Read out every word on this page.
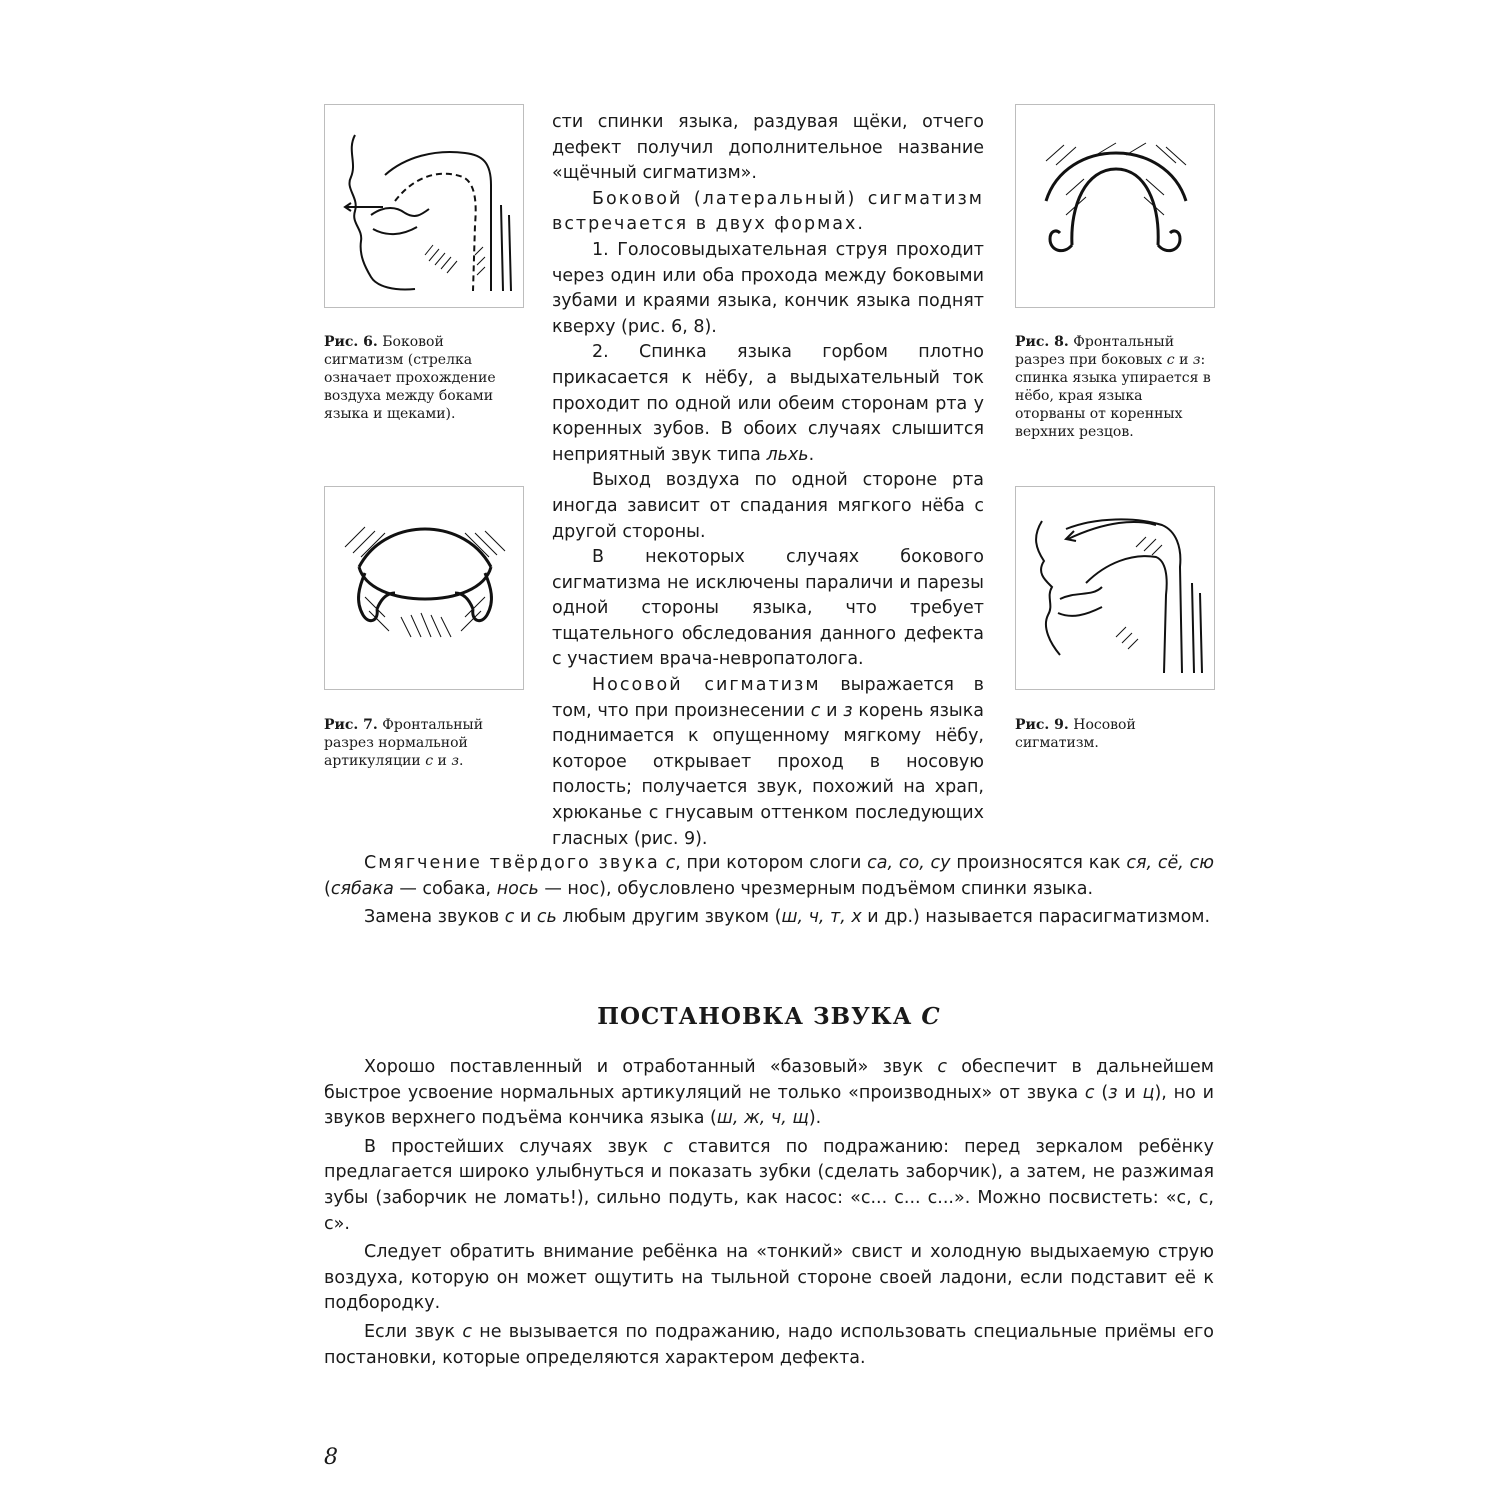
Рис. 6. Боковой сигматизм (стрелка означает прохождение воздуха между боками языка и щеками).
Рис. 7. Фронтальный разрез нормальной артикуляции с и з.
Рис. 8. Фронтальный разрез при боковых с и з: спинка языка упирается в нёбо, края языка оторваны от коренных верхних резцов.
Рис. 9. Носовой сигматизм.

сти спинки языка, раздувая щёки, отчего дефект получил дополнительное название «щёчный сигматизм».

Боковой (латеральный) сигматизм встречается в двух формах.

1. Голосовыдыхательная струя проходит через один или оба прохода между боковыми зубами и краями языка, кончик языка поднят кверху (рис. 6, 8).

2. Спинка языка горбом плотно прикасается к нёбу, а выдыхательный ток проходит по одной или обеим сторонам рта у коренных зубов. В обоих случаях слышится неприятный звук типа льхь.

Выход воздуха по одной стороне рта иногда зависит от спадания мягкого нёба с другой стороны.

В некоторых случаях бокового сигматизма не исключены параличи и парезы одной стороны языка, что требует тщательного обследования данного дефекта с участием врача-невропатолога.

Носовой сигматизм выражается в том, что при произнесении с и з корень языка поднимается к опущенному мягкому нёбу, которое открывает проход в носовую полость; получается звук, похожий на храп, хрюканье с гнусавым оттенком последующих гласных (рис. 9).

Смягчение твёрдого звука с, при котором слоги са, со, су произносятся как ся, сё, сю (сябака — собака, нось — нос), обусловлено чрезмерным подъёмом спинки языка.

Замена звуков с и сь любым другим звуком (ш, ч, т, х и др.) называется парасигматизмом.

ПОСТАНОВКА ЗВУКА С

Хорошо поставленный и отработанный «базовый» звук с обеспечит в дальнейшем быстрое усвоение нормальных артикуляций не только «производных» от звука с (з и ц), но и звуков верхнего подъёма кончика языка (ш, ж, ч, щ).

В простейших случаях звук с ставится по подражанию: перед зеркалом ребёнку предлагается широко улыбнуться и показать зубки (сделать заборчик), а затем, не разжимая зубы (заборчик не ломать!), сильно подуть, как насос: «с... с... с...». Можно посвистеть: «с, с, с».

Следует обратить внимание ребёнка на «тонкий» свист и холодную выдыхаемую струю воздуха, которую он может ощутить на тыльной стороне своей ладони, если подставит её к подбородку.

Если звук с не вызывается по подражанию, надо использовать специальные приёмы его постановки, которые определяются характером дефекта.

8
